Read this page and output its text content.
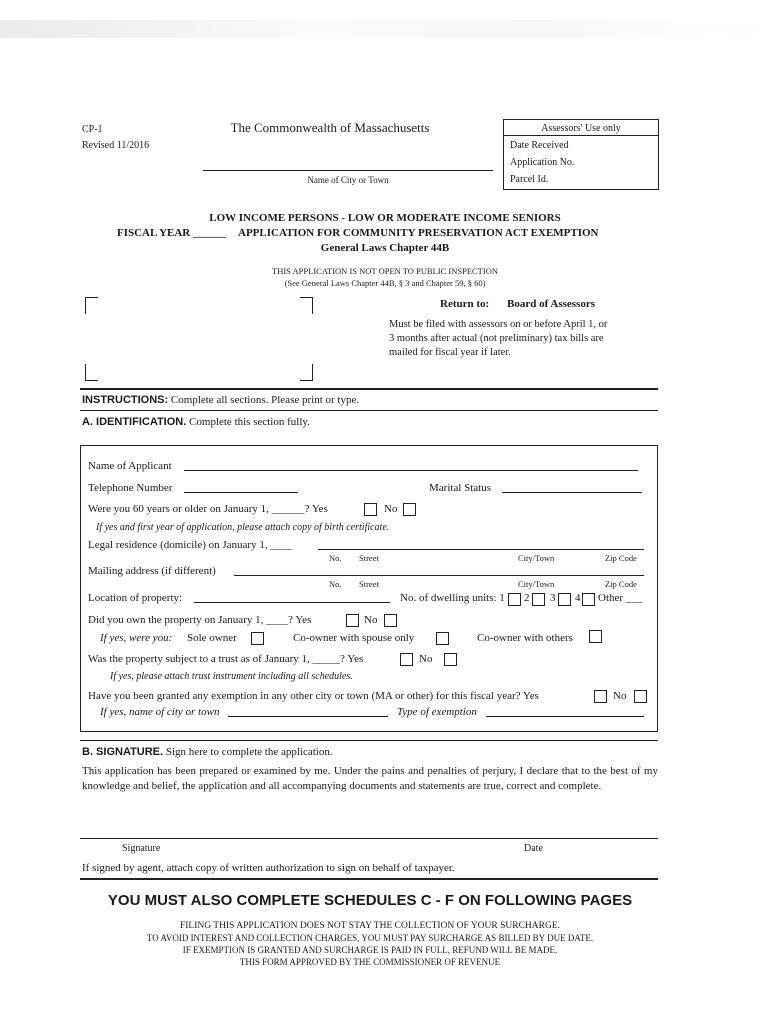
CP-1
Revised 11/2016
The Commonwealth of Massachusetts
Name of City or Town
Assessors' Use only
Date Received
Application No.
Parcel Id.
LOW INCOME PERSONS - LOW OR MODERATE INCOME SENIORS
FISCAL YEAR ______ APPLICATION FOR COMMUNITY PRESERVATION ACT EXEMPTION
General Laws Chapter 44B
THIS APPLICATION IS NOT OPEN TO PUBLIC INSPECTION
(See General Laws Chapter 44B, § 3 and Chapter 59, § 60)
Return to: Board of Assessors
Must be filed with assessors on or before April 1, or
3 months after actual (not preliminary) tax bills are
mailed for fiscal year if later.
INSTRUCTIONS: Complete all sections. Please print or type.
A. IDENTIFICATION. Complete this section fully.
Name of Applicant
Telephone Number	Marital Status
Were you 60 years or older on January 1, ______? Yes	No
If yes and first year of application, please attach copy of birth certificate.
Legal residence (domicile) on January 1, ____
No. Street	City/Town	Zip Code
Mailing address (if different)
No. Street	City/Town	Zip Code
Location of property:	No. of dwelling units: 1 2 3 4 Other ___
Did you own the property on January 1, ____? Yes	No
If yes, were you: Sole owner	Co-owner with spouse only	Co-owner with others
Was the property subject to a trust as of January 1, _____? Yes	No
If yes, please attach trust instrument including all schedules.
Have you been granted any exemption in any other city or town (MA or other) for this fiscal year? Yes	No
If yes, name of city or town	Type of exemption
B. SIGNATURE. Sign here to complete the application.
This application has been prepared or examined by me. Under the pains and penalties of perjury, I declare that to the best of my knowledge and belief, the application and all accompanying documents and statements are true, correct and complete.
Signature	Date
If signed by agent, attach copy of written authorization to sign on behalf of taxpayer.
YOU MUST ALSO COMPLETE SCHEDULES C - F ON FOLLOWING PAGES
FILING THIS APPLICATION DOES NOT STAY THE COLLECTION OF YOUR SURCHARGE.
TO AVOID INTEREST AND COLLECTION CHARGES, YOU MUST PAY SURCHARGE AS BILLED BY DUE DATE.
IF EXEMPTION IS GRANTED AND SURCHARGE IS PAID IN FULL, REFUND WILL BE MADE.
THIS FORM APPROVED BY THE COMMISSIONER OF REVENUE
